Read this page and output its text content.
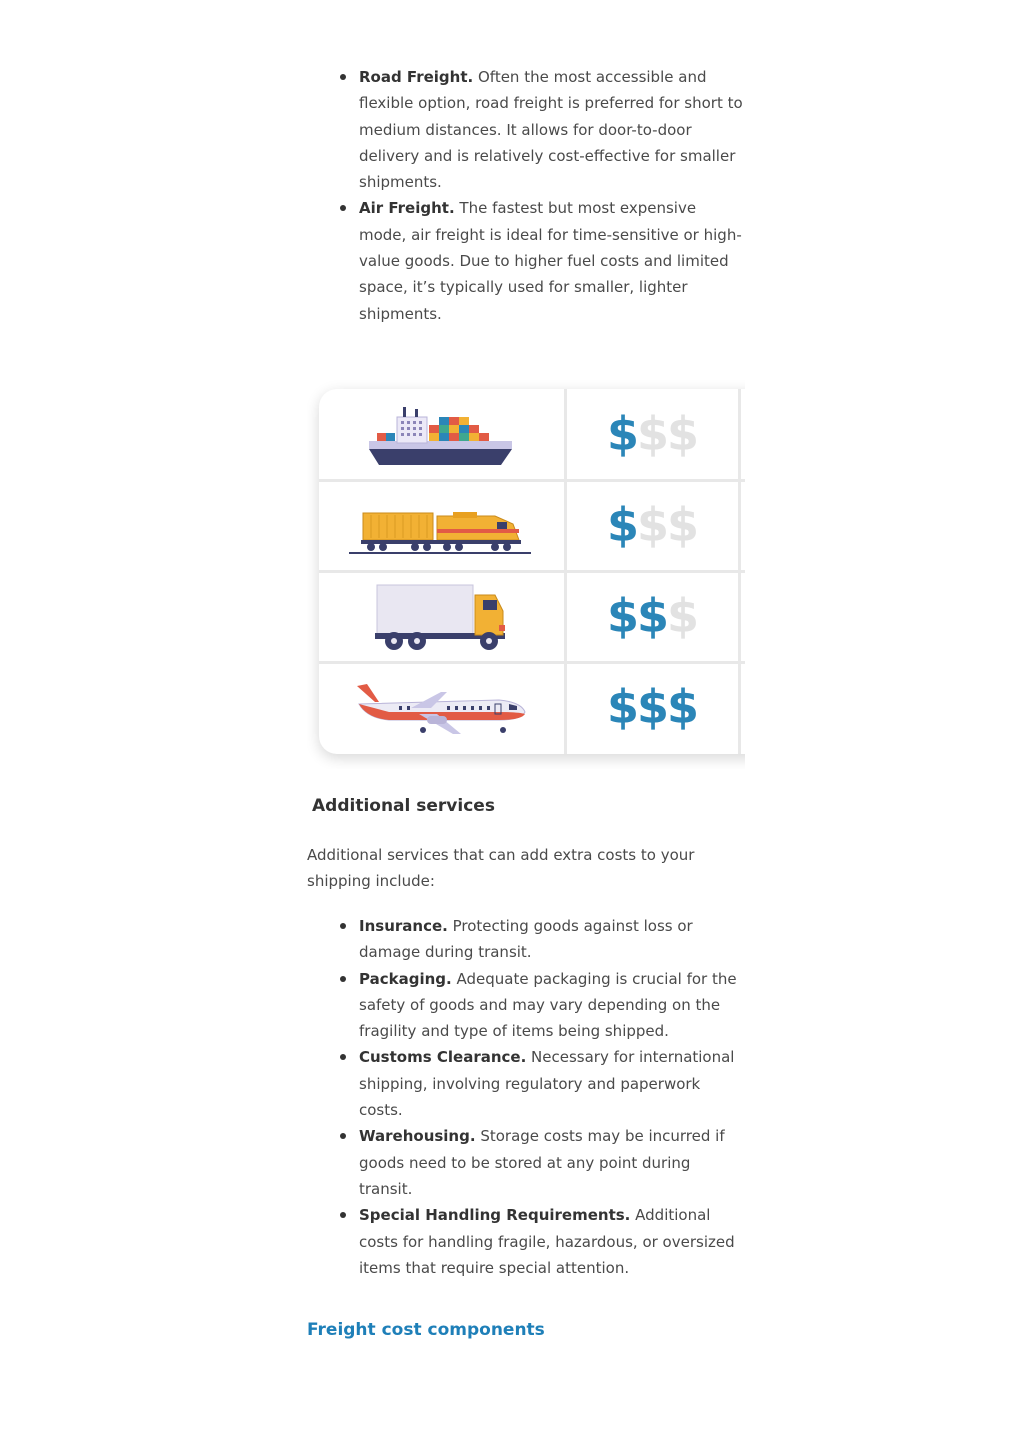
Road Freight. Often the most accessible and flexible option, road freight is preferred for short to medium distances. It allows for door-to-door delivery and is relatively cost-effective for smaller shipments.
Air Freight. The fastest but most expensive mode, air freight is ideal for time-sensitive or high-value goods. Due to higher fuel costs and limited space, it’s typically used for smaller, lighter shipments.
$
$
$
$
$
$
$
$
$
$
$
$
Additional services

Additional services that can add extra costs to your shipping include:

Insurance. Protecting goods against loss or damage during transit.
Packaging. Adequate packaging is crucial for the safety of goods and may vary depending on the fragility and type of items being shipped.
Customs Clearance. Necessary for international shipping, involving regulatory and paperwork costs.
Warehousing. Storage costs may be incurred if goods need to be stored at any point during transit.
Special Handling Requirements. Additional costs for handling fragile, hazardous, or oversized items that require special attention.
Freight cost components
